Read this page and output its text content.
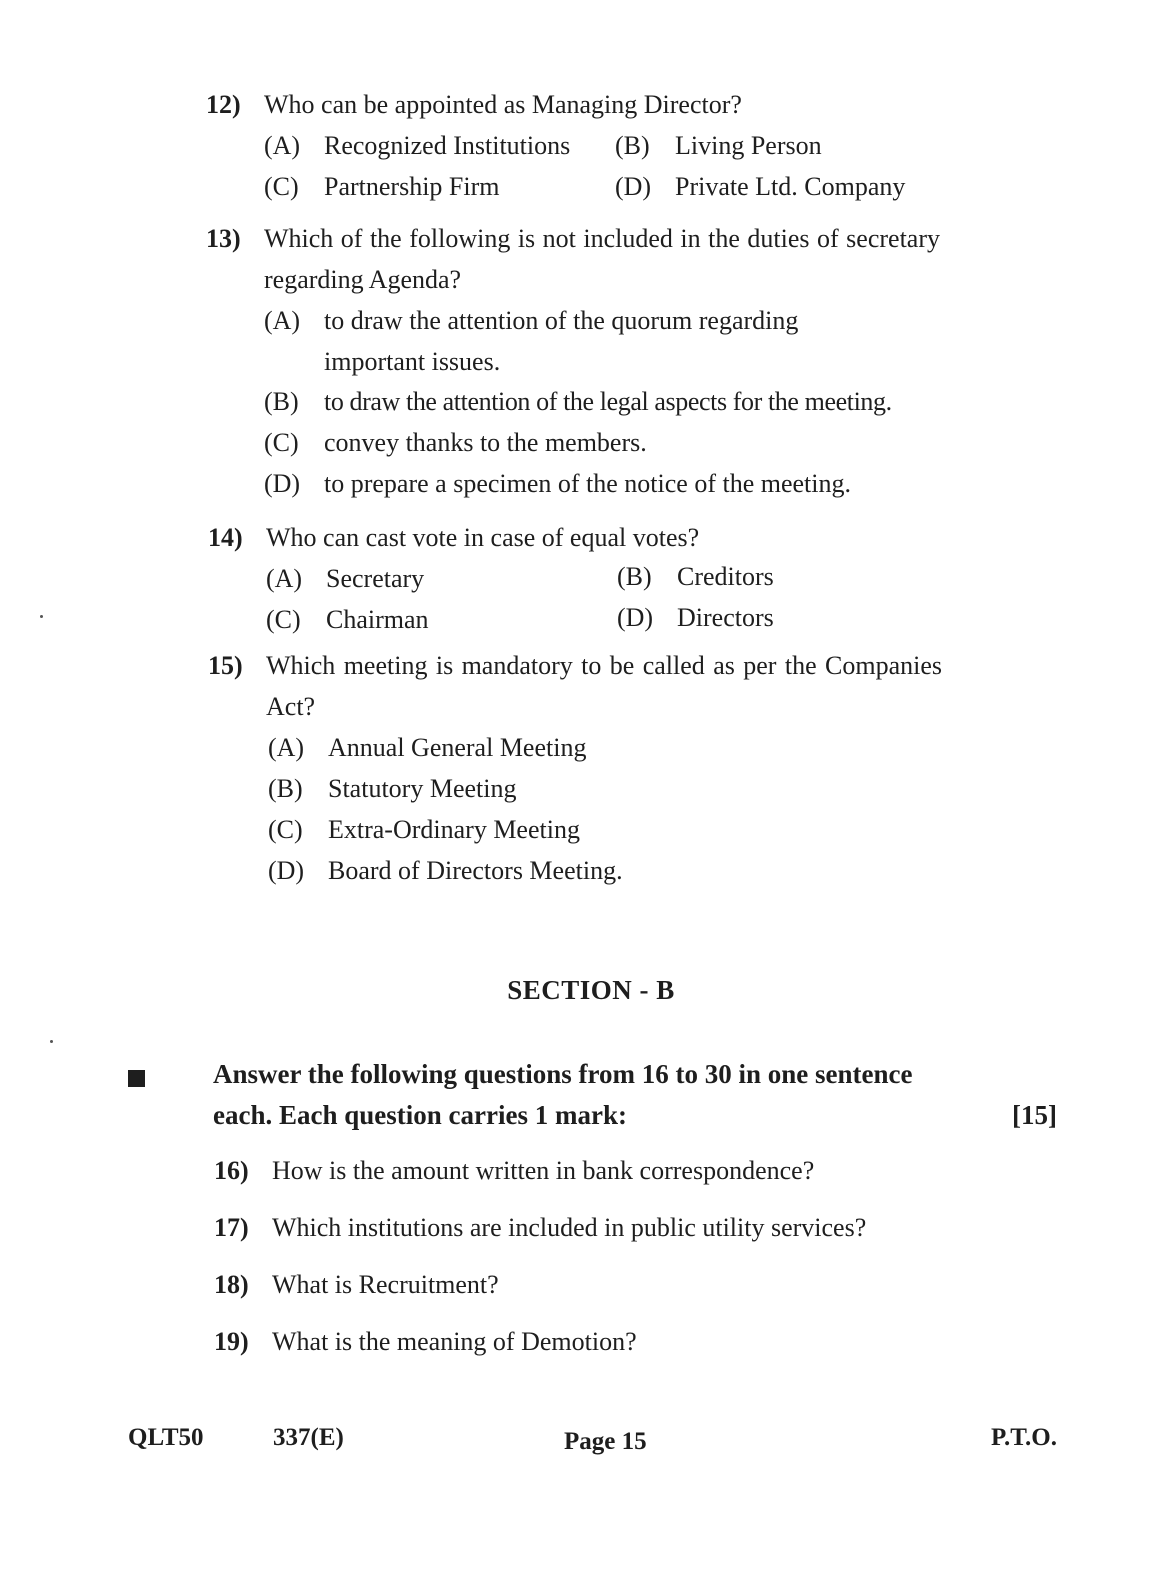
12) Who can be appointed as Managing Director?
(A) Recognized Institutions (B) Living Person
(C) Partnership Firm	(D) Private Ltd. Company
13) Which of the following is not included in the duties of secretary regarding Agenda?
(A) to draw the attention of the quorum regarding important issues.
(B) to draw the attention of the legal aspects for the meeting.
(C) convey thanks to the members.
(D) to prepare a specimen of the notice of the meeting.
14) Who can cast vote in case of equal votes?
(A) Secretary	(B) Creditors
(C) Chairman	(D) Directors
15) Which meeting is mandatory to be called as per the Companies Act?
(A) Annual General Meeting
(B) Statutory Meeting
(C) Extra-Ordinary Meeting
(D) Board of Directors Meeting.
SECTION - B
Answer the following questions from 16 to 30 in one sentence each. Each question carries 1 mark:	[15]
16) How is the amount written in bank correspondence?
17) Which institutions are included in public utility services?
18) What is Recruitment?
19) What is the meaning of Demotion?
QLT50	337(E)	Page 15	P.T.O.
